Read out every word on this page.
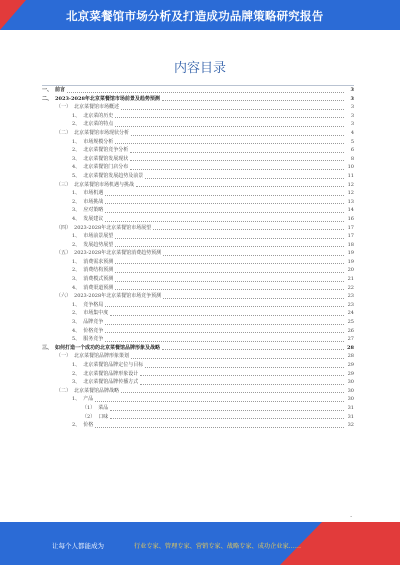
北京菜餐馆市场分析及打造成功品牌策略研究报告
内容目录
一、 前言	3
二、 2023-2028年北京菜餐馆市场前景及趋势预测	3
（一） 北京菜餐馆市场概述	3
1、 北京菜的历史	3
2、 北京菜的特点	3
（二） 北京菜餐馆市场现状分析	4
1、 市场规模分析	5
2、 北京菜餐馆竞争分析	6
3、 北京菜餐馆发展现状	8
4、 北京菜餐馆门店分布	10
5、 北京菜餐馆发展趋势及前景	11
（三） 北京菜餐馆市场机遇与挑战	12
1、 市场机遇	12
2、 市场挑战	13
3、 应对策略	14
4、 发展建议	16
（四） 2023-2028年北京菜餐馆市场展望	17
1、 市场前景展望	17
2、 发展趋势展望	18
（五） 2023-2028年北京菜餐馆消费趋势预测	19
1、 消费需求预测	19
2、 消费结构预测	20
3、 消费模式预测	21
4、 消费渠道预测	22
（六） 2023-2028年北京菜餐馆市场竞争预测	23
1、 竞争格局	23
2、 市场集中度	24
3、 品牌竞争	25
4、 价格竞争	26
5、 服务竞争	27
三、 如何打造一个成功的北京菜餐馆品牌形象及战略	28
（一） 北京菜餐馆品牌形象策划	28
1、 北京菜餐馆品牌定位与目标	29
2、 北京菜餐馆品牌形象设计	29
3、 北京菜餐馆品牌传播方式	30
（二） 北京菜餐馆品牌战略	30
1、 产品	30
（1） 菜品	31
（2） 口味	31
2、 价格	32
-
让每个人都能成为	行业专家、管理专家、营销专家、战略专家、成功企业家……
